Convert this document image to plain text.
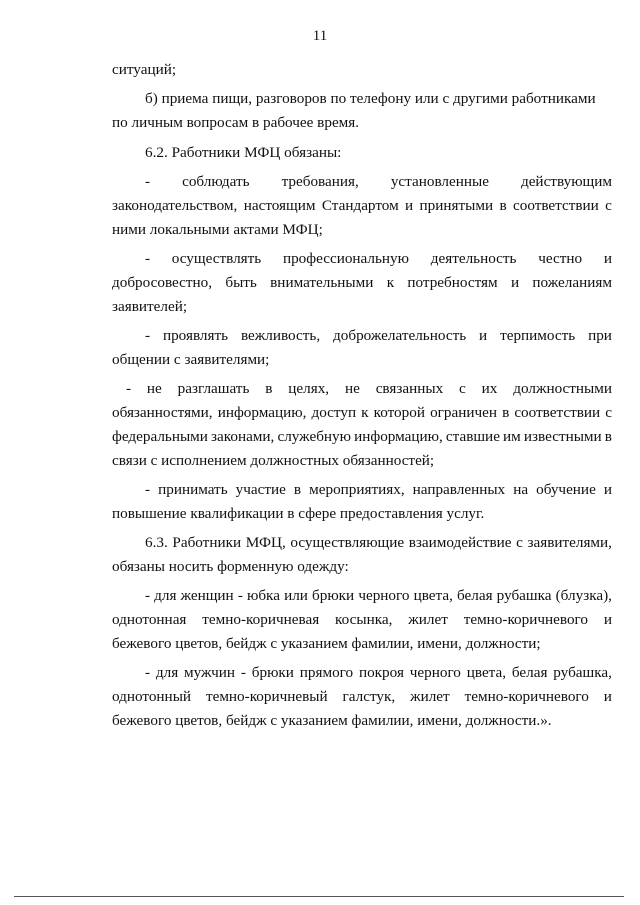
11
ситуаций;
б) приема пищи, разговоров по телефону или с другими работниками
по личным вопросам в рабочее время.
6.2. Работники МФЦ обязаны:
- соблюдать требования, установленные действующим
законодательством, настоящим Стандартом и принятыми в соответствии с
ними локальными актами МФЦ;
- осуществлять профессиональную деятельность честно и
добросовестно, быть внимательными к потребностям и пожеланиям
заявителей;
- проявлять вежливость, доброжелательность и терпимость при
общении с заявителями;
- не разглашать в целях, не связанных с их должностными
обязанностями, информацию, доступ к которой ограничен в соответствии с
федеральными законами, служебную информацию, ставшие им известными в
связи с исполнением должностных обязанностей;
- принимать участие в мероприятиях, направленных на обучение и
повышение квалификации в сфере предоставления услуг.
6.3. Работники МФЦ, осуществляющие взаимодействие с заявителями,
обязаны носить форменную одежду:
- для женщин - юбка или брюки черного цвета, белая рубашка (блузка),
однотонная темно-коричневая косынка, жилет темно-коричневого и
бежевого цветов, бейдж с указанием фамилии, имени, должности;
- для мужчин - брюки прямого покроя черного цвета, белая рубашка,
однотонный темно-коричневый галстук, жилет темно-коричневого и
бежевого цветов, бейдж с указанием фамилии, имени, должности.».
